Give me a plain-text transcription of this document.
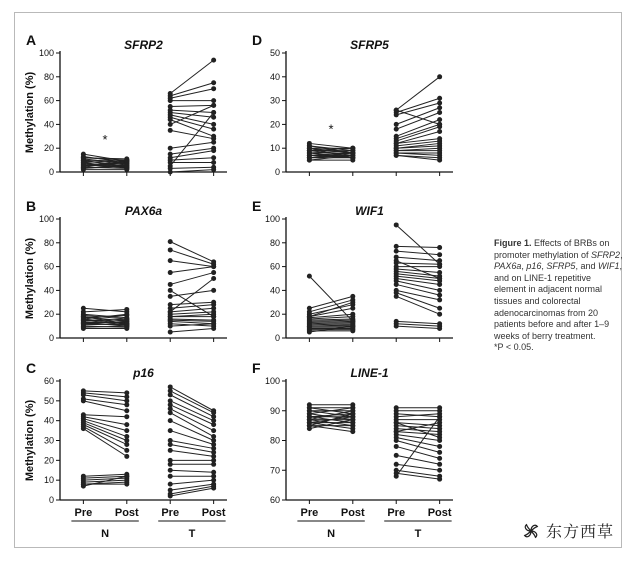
0
20
40
60
80
100
A	SFRP2
Methylation (%)	*
0
10
20
30
40
50
D	SFRP5
*
0
20
40
60
80
100
B	PAX6a
Methylation (%)
0
20
40
60
80
100
E	WIF1
0
10
20
30
40
50
60
C	p16
Methylation (%)
Pre Post
N
Pre Post
T
60
70
80
90
100
F	LINE-1
Pre Post
N
Pre Post
T
Figure 1. Effects of BRBs on promoter methylation of SFRP2, PAX6a, p16, SFRP5, and WIF1, and on LINE-1 repetitive element in adjacent normal tissues and colorectal adenocarcinomas from 20 patients before and after 1–9 weeks of berry treatment.
*P < 0.05.
东方西草
